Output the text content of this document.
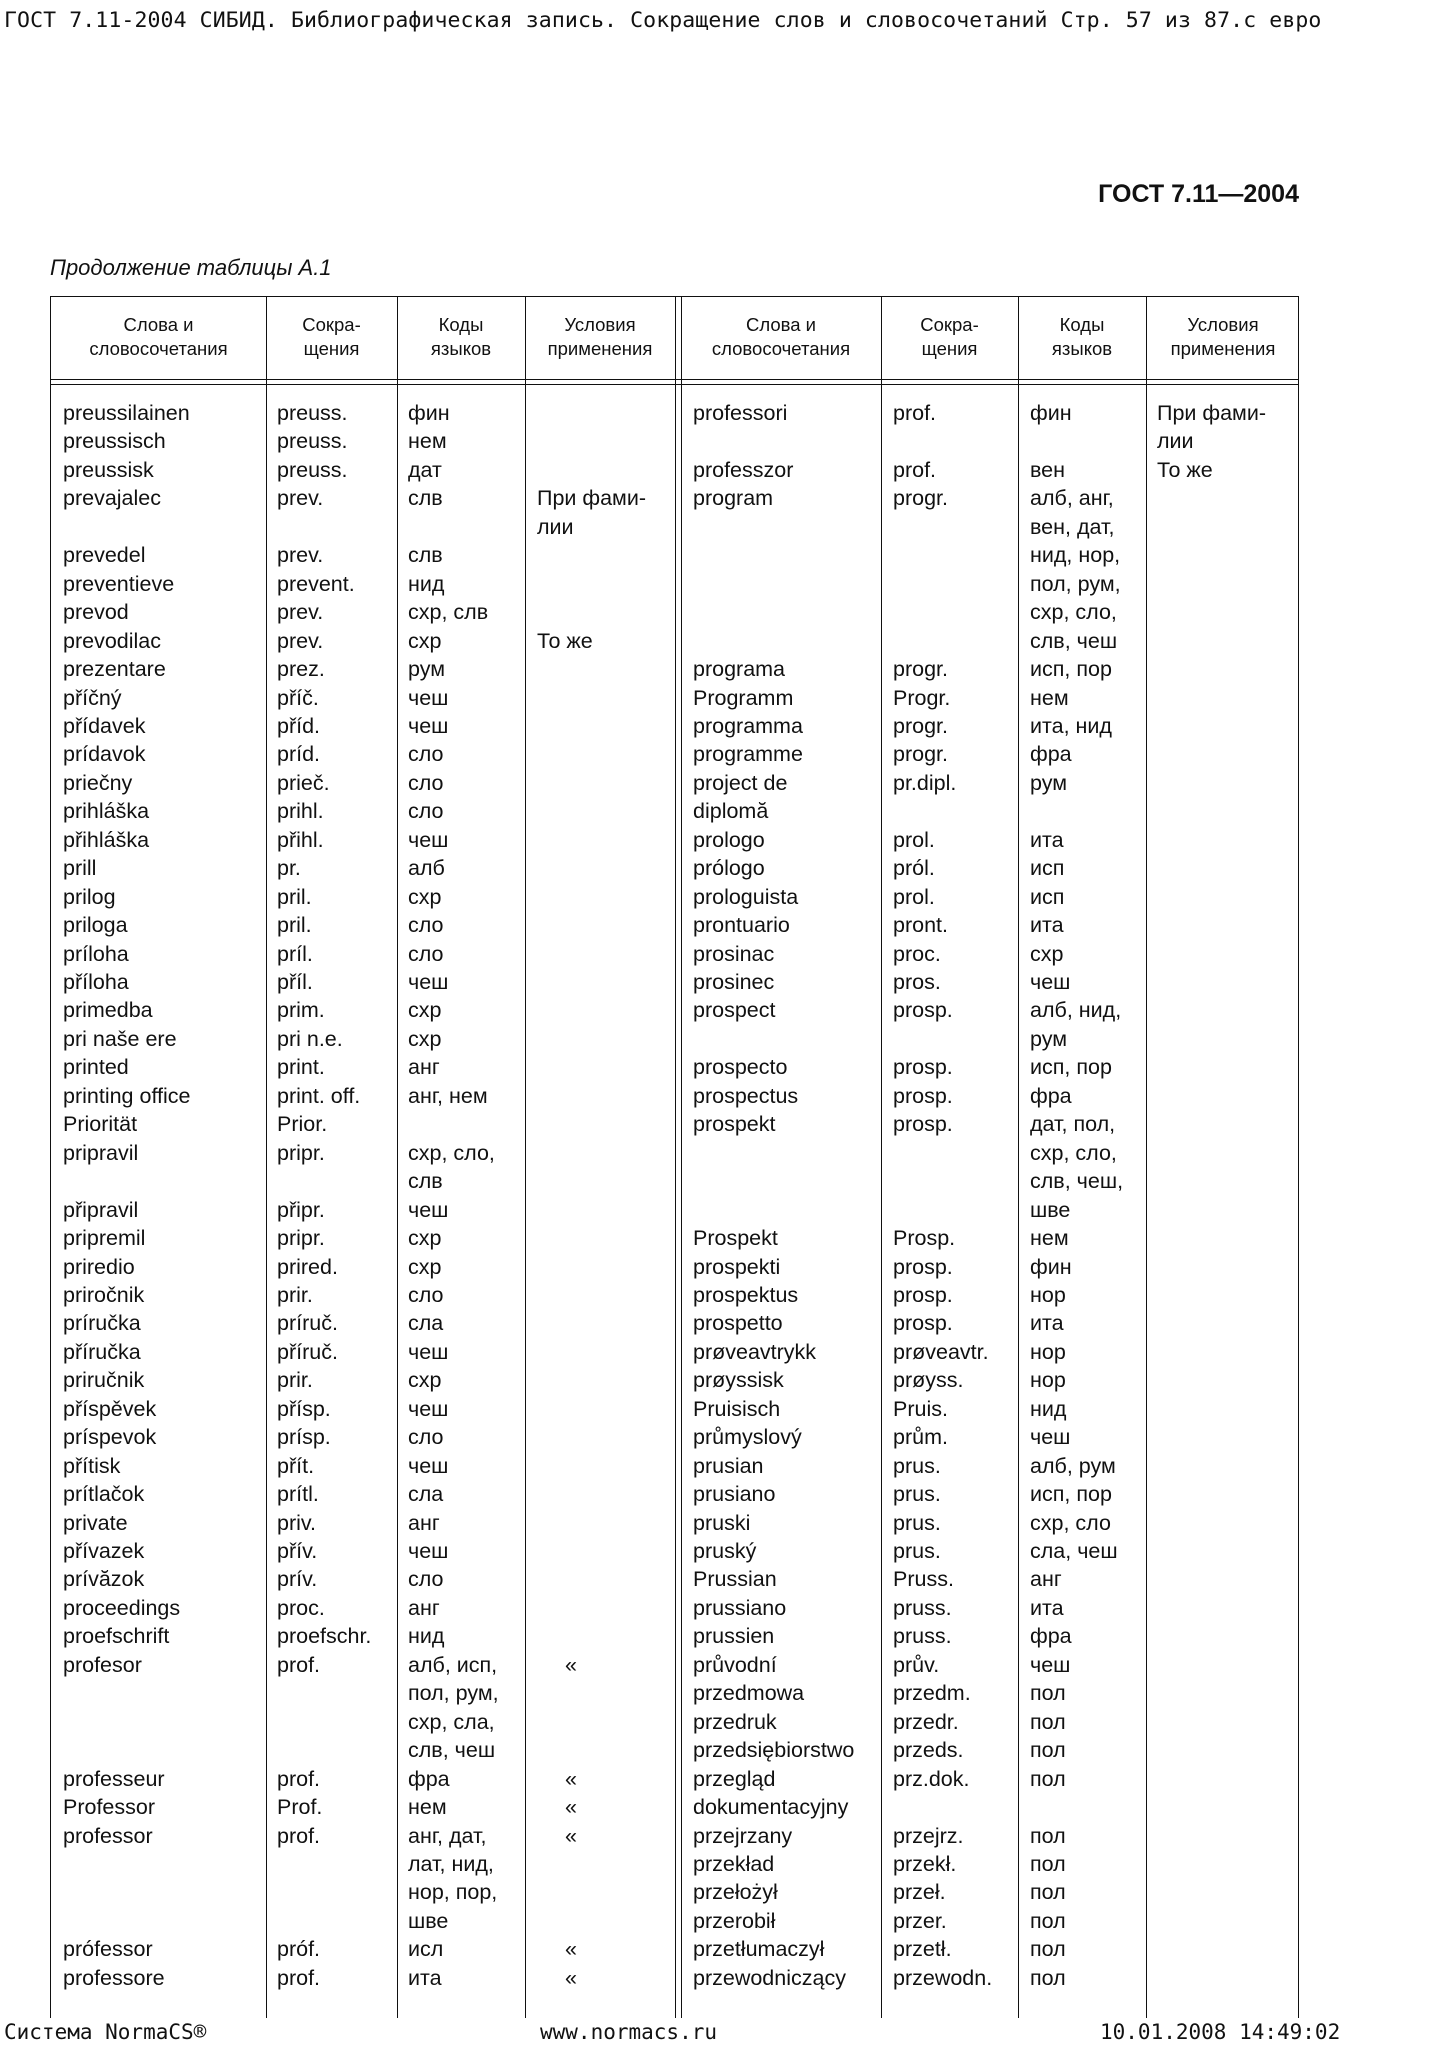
ГОСТ 7.11-2004 СИБИД. Библиографическая запись. Сокращение слов и словосочетаний Стр. 57 из 87.с евро
ГОСТ 7.11—2004
Продолжение таблицы А.1
Слова и
словосочетания
Сокра-
щения
Коды
языков
Условия
применения
Слова и
словосочетания
Сокра-
щения
Коды
языков
Условия
применения
preussilainen	preuss.	фин
preussisch	preuss.	нем
preussisk	preuss.	дат
prevajalec	prev.	слв	При фами-
лии
prevedel	prev.	слв
preventieve	prevent. нид
prevod	prev.	схр, слв
prevodilac	prev.	схр	То же
prezentare	prez.	рум
příčný	příč.	чеш
přídavek	příd.	чеш
prídavok	príd.	сло
priečny	prieč.	сло
prihláška	prihl.	сло
přihláška	přihl.	чеш
prill	pr.	алб
prilog	pril.	схр
priloga	pril.	сло
príloha	príl.	сло
příloha	příl.	чеш
primedba	prim.	схр
pri naše ere	pri n.e.	схр
printed	print.	анг
printing office	print. off. анг, нем
Priorität	Prior.
pripravil	pripr.	схр, сло,
слв
připravil	připr.	чеш
pripremil	pripr.	схр
priredio	prired.	схр
priročnik	prir.	сло
príručka	príruč.	сла
příručka	příruč.	чеш
priručnik	prir.	схр
příspěvek	přísp.	чеш
príspevok	prísp.	сло
přítisk	přít.	чеш
prítlačok	prítl.	сла
private	priv.	анг
přívazek	přív.	чеш
prívăzok	prív.	сло
proceedings	proc.	анг
proefschrift	proefschr. нид
profesor	prof.	алб, исп,	«
пол, рум,
схр, сла,
слв, чеш
professeur	prof.	фра	«
Professor	Prof.	нем	«
professor	prof.	анг, дат,	«
лат, нид,
нор, пор,
шве
prófessor	próf.	исл	«
professore	prof.	ита	«
professori	prof.	фин	При фами-
лии
professzor	prof.	вен	То же
program	progr.	алб, анг,
вен, дат,
нид, нор,
пол, рум,
схр, сло,
слв, чеш
programa	progr.	исп, пор
Programm	Progr.	нем
programma	progr.	ита, нид
programme	progr.	фра
project de	pr.dipl.	рум
diplomă
prologo	prol.	ита
prólogo	pról.	исп
prologuista	prol.	исп
prontuario	pront.	ита
prosinac	proc.	схр
prosinec	pros.	чеш
prospect	prosp.	алб, нид,
рум
prospecto	prosp.	исп, пор
prospectus	prosp.	фра
prospekt	prosp.	дат, пол,
схр, сло,
слв, чеш,
шве
Prospekt	Prosp.	нем
prospekti	prosp.	фин
prospektus	prosp.	нор
prospetto	prosp.	ита
prøveavtrykk	prøveavtr. нор
prøyssisk	prøyss.	нор
Pruisisch	Pruis.	нид
průmyslový	prům.	чеш
prusian	prus.	алб, рум
prusiano	prus.	исп, пор
pruski	prus.	схр, сло
pruský	prus.	сла, чеш
Prussian	Pruss.	анг
prussiano	pruss.	ита
prussien	pruss.	фра
průvodní	prův.	чеш
przedmowa	przedm.	пол
przedruk	przedr.	пол
przedsiębiorstwo przeds.	пол
przegląd	prz.dok.	пол
dokumentacyjny
przejrzany	przejrz.	пол
przekład	przekł.	пол
przełożył	przeł.	пол
przerobił	przer.	пол
przetłumaczył	przetł.	пол
przewodniczący przewodn. пол
Система NormaCS®	www.normacs.ru	10.01.2008 14:49:02
